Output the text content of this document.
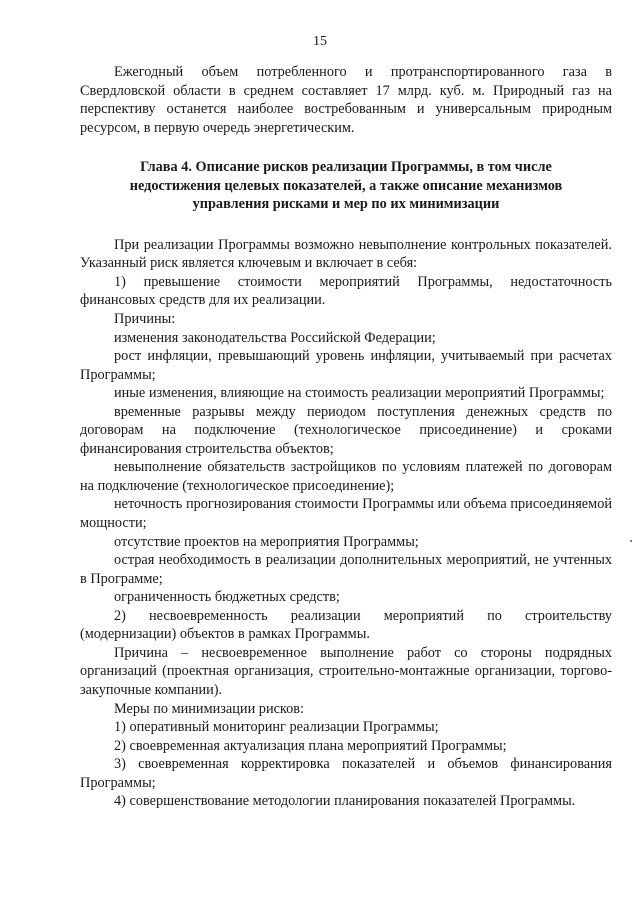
15

Ежегодный объем потребленного и протранспортированного газа в Свердловской области в среднем составляет 17 млрд. куб. м. Природный газ на перспективу останется наиболее востребованным и универсальным природным ресурсом, в первую очередь энергетическим.

Глава 4. Описание рисков реализации Программы, в том числе
недостижения целевых показателей, а также описание механизмов
управления рисками и мер по их минимизации

При реализации Программы возможно невыполнение контрольных показателей. Указанный риск является ключевым и включает в себя:

1) превышение стоимости мероприятий Программы, недостаточность финансовых средств для их реализации.

Причины:

изменения законодательства Российской Федерации;

рост инфляции, превышающий уровень инфляции, учитываемый при расчетах Программы;

иные изменения, влияющие на стоимость реализации мероприятий Программы;

временные разрывы между периодом поступления денежных средств по договорам на подключение (технологическое присоединение) и сроками финансирования строительства объектов;

невыполнение обязательств застройщиков по условиям платежей по договорам на подключение (технологическое присоединение);

неточность прогнозирования стоимости Программы или объема присоединяемой мощности;

отсутствие проектов на мероприятия Программы;

острая необходимость в реализации дополнительных мероприятий, не учтенных в Программе;

ограниченность бюджетных средств;

2) несвоевременность реализации мероприятий по строительству (модернизации) объектов в рамках Программы.

Причина – несвоевременное выполнение работ со стороны подрядных организаций (проектная организация, строительно-монтажные организации, торгово-закупочные компании).

Меры по минимизации рисков:

1) оперативный мониторинг реализации Программы;

2) своевременная актуализация плана мероприятий Программы;

3) своевременная корректировка показателей и объемов финансирования Программы;

4) совершенствование методологии планирования показателей Программы.
